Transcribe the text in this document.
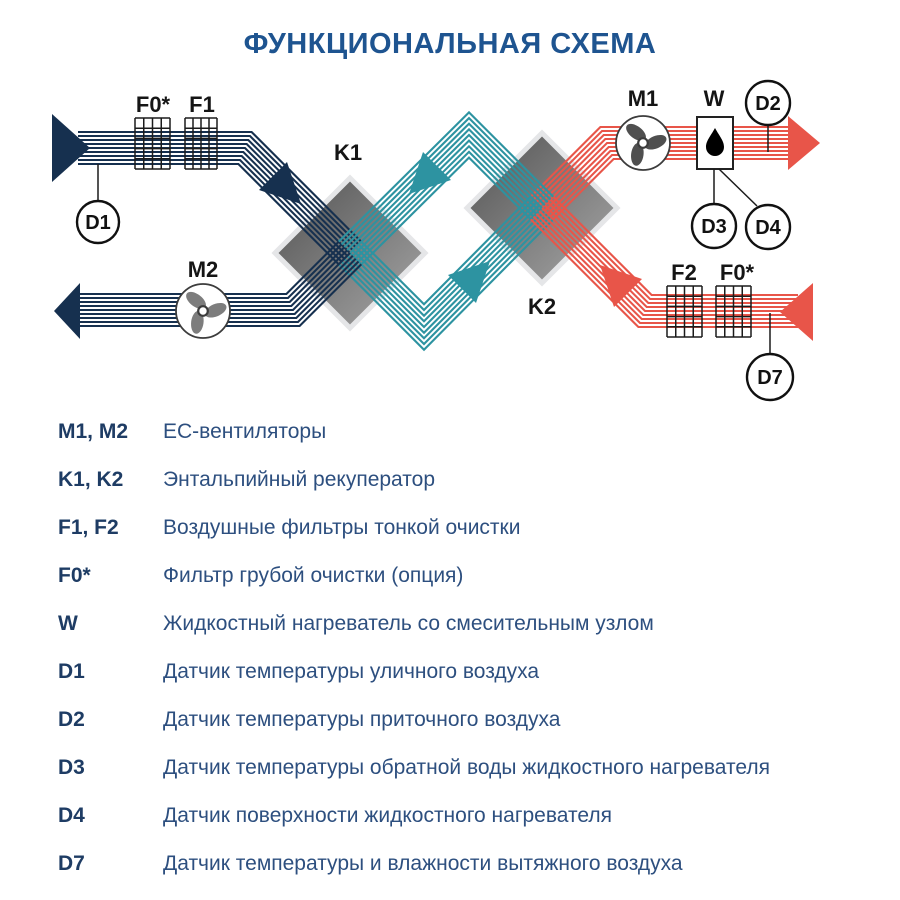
ФУНКЦИОНАЛЬНАЯ СХЕМА
D1
D2
D3 D4
D7
F0* F1
F2 F0*
K1
K2
M1
M2
W
M1, M2	ЕС-вентиляторы
K1, K2	Энтальпийный рекуператор
F1, F2	Воздушные фильтры тонкой очистки
F0*	Фильтр грубой очистки (опция)
W	Жидкостный нагреватель со смесительным узлом
D1	Датчик температуры уличного воздуха
D2	Датчик температуры приточного воздуха
D3	Датчик температуры обратной воды жидкостного нагревателя
D4	Датчик поверхности жидкостного нагревателя
D7	Датчик температуры и влажности вытяжного воздуха
